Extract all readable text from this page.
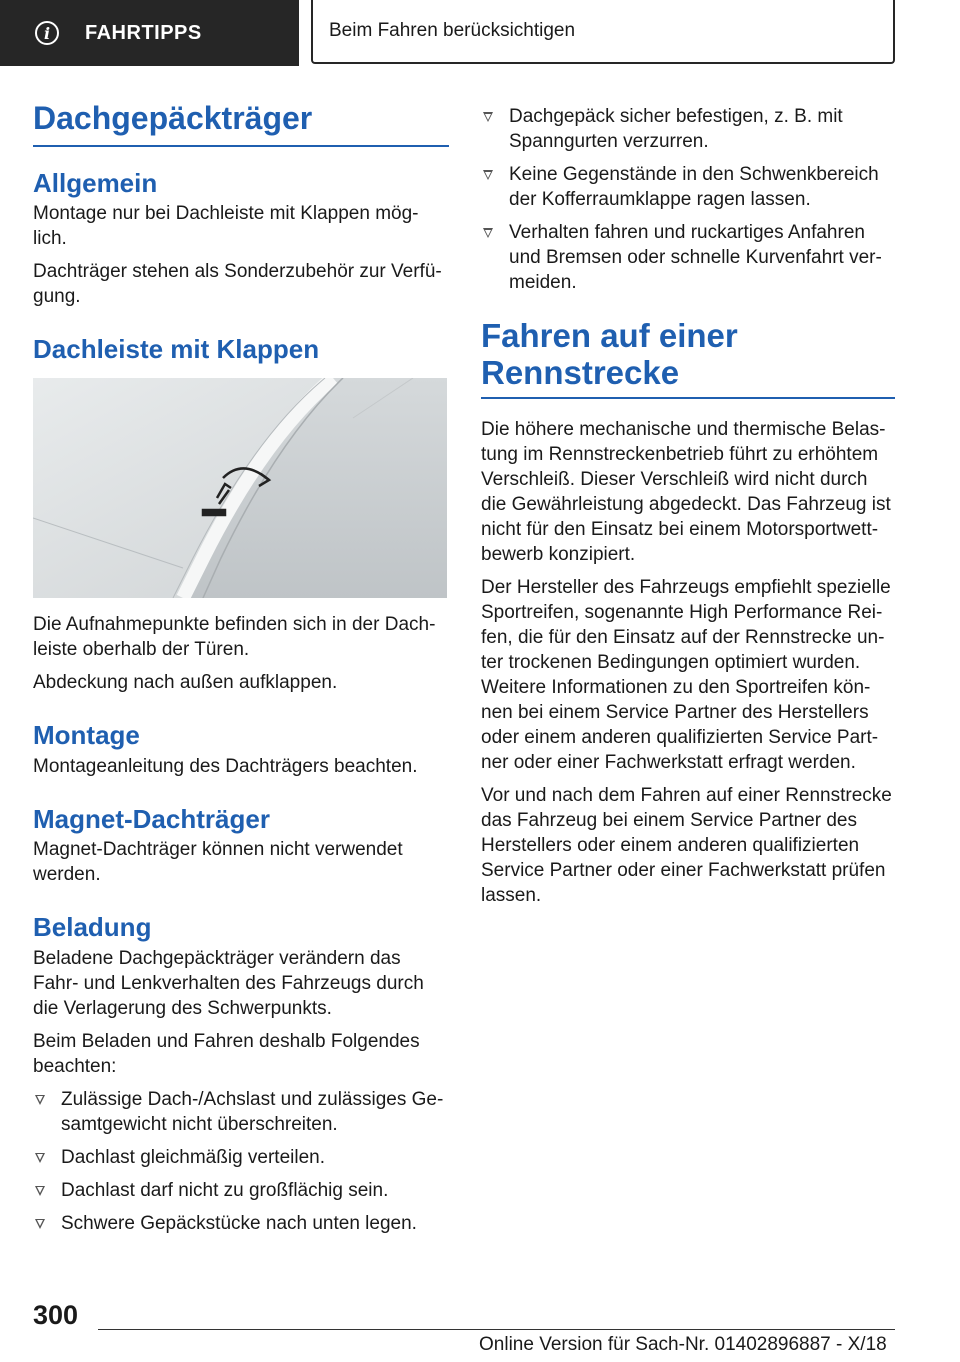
i	FAHRTIPPS	Beim Fahren berücksichtigen
Dachgepäckträger
Allgemein

Montage nur bei Dachleiste mit Klappen mög-lich.

Dachträger stehen als Sonderzubehör zur Verfü-gung.

Dachleiste mit Klappen

Die Aufnahmepunkte befinden sich in der Dach-leiste oberhalb der Türen.

Abdeckung nach außen aufklappen.

Montage

Montageanleitung des Dachträgers beachten.

Magnet-Dachträger

Magnet-Dachträger können nicht verwendet werden.

Beladung

Beladene Dachgepäckträger verändern das Fahr- und Lenkverhalten des Fahrzeugs durch die Verlagerung des Schwerpunkts.

Beim Beladen und Fahren deshalb Folgendes beachten:

Zulässige Dach-/Achslast und zulässiges Ge-samtgewicht nicht überschreiten.
Dachlast gleichmäßig verteilen.
Dachlast darf nicht zu großflächig sein.
Schwere Gepäckstücke nach unten legen.
Dachgepäck sicher befestigen, z. B. mit Spanngurten verzurren.
Keine Gegenstände in den Schwenkbereich der Kofferraumklappe ragen lassen.
Verhalten fahren und ruckartiges Anfahren und Bremsen oder schnelle Kurvenfahrt ver-meiden.
Fahren auf einer Rennstrecke

Die höhere mechanische und thermische Belas-tung im Rennstreckenbetrieb führt zu erhöhtem Verschleiß. Dieser Verschleiß wird nicht durch die Gewährleistung abgedeckt. Das Fahrzeug ist nicht für den Einsatz bei einem Motorsportwett-bewerb konzipiert.

Der Hersteller des Fahrzeugs empfiehlt spezielle Sportreifen, sogenannte High Performance Rei-fen, die für den Einsatz auf der Rennstrecke un-ter trockenen Bedingungen optimiert wurden. Weitere Informationen zu den Sportreifen kön-nen bei einem Service Partner des Herstellers oder einem anderen qualifizierten Service Part-ner oder einer Fachwerkstatt erfragt werden.

Vor und nach dem Fahren auf einer Rennstrecke das Fahrzeug bei einem Service Partner des Herstellers oder einem anderen qualifizierten Service Partner oder einer Fachwerkstatt prüfen lassen.

300
Online Version für Sach-Nr. 01402896887 - X/18
